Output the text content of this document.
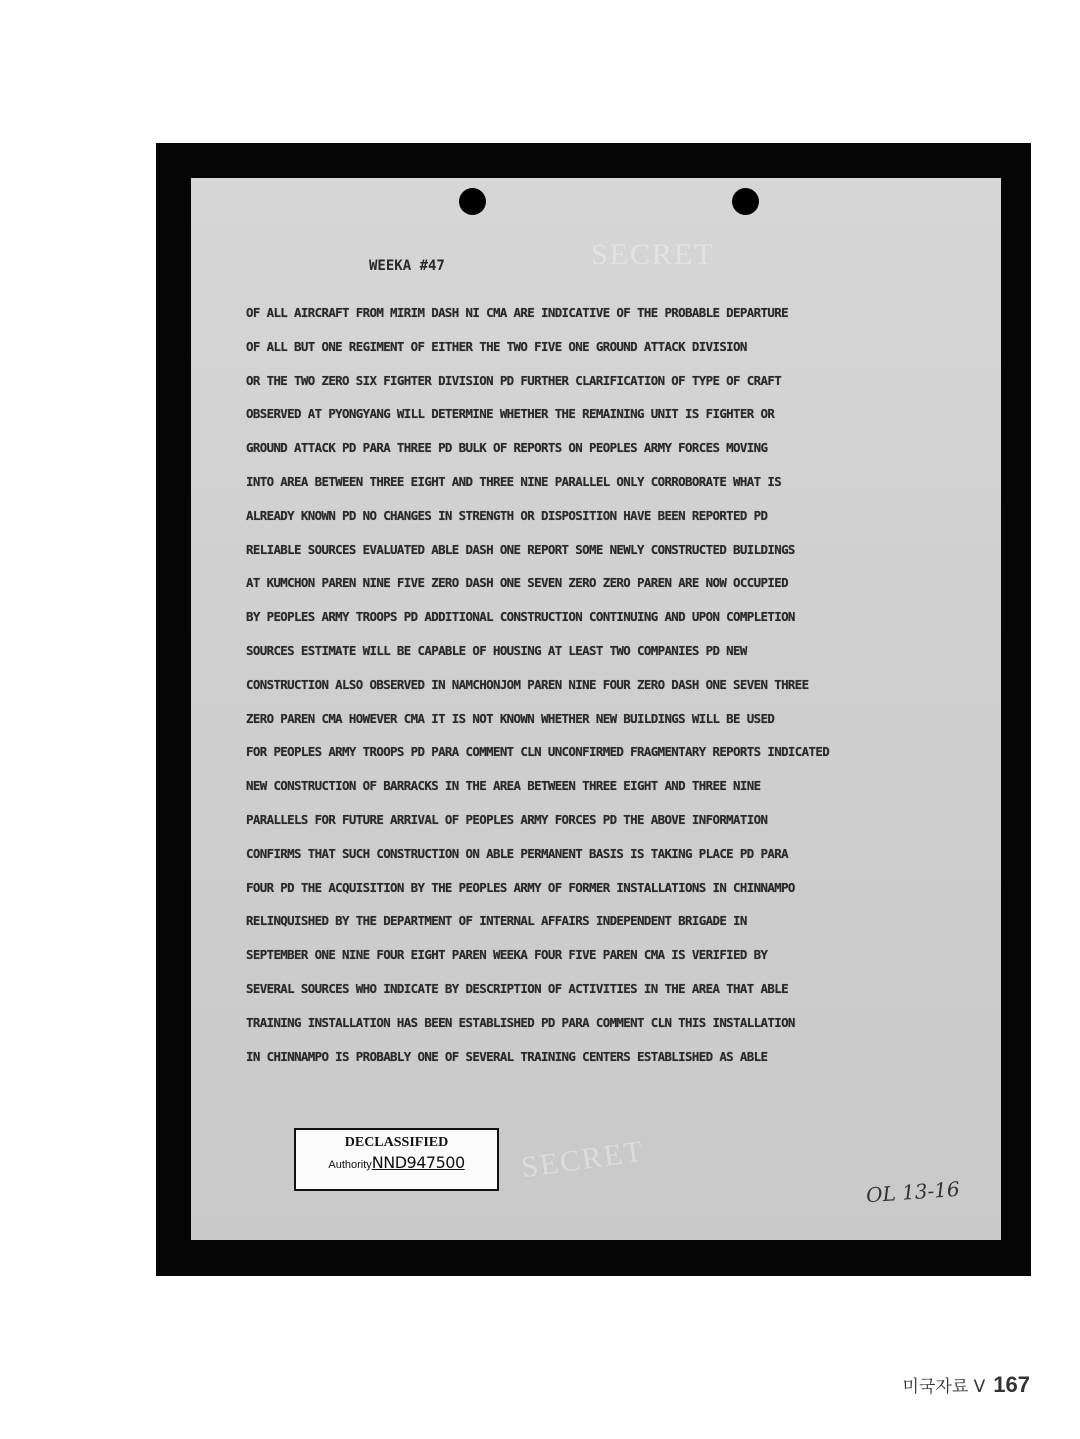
SECRET
WEEKA #47
OF ALL AIRCRAFT FROM MIRIM DASH NI CMA ARE INDICATIVE OF THE PROBABLE DEPARTURE
OF ALL BUT ONE REGIMENT OF EITHER THE TWO FIVE ONE GROUND ATTACK DIVISION
OR THE TWO ZERO SIX FIGHTER DIVISION PD FURTHER CLARIFICATION OF TYPE OF CRAFT
OBSERVED AT PYONGYANG WILL DETERMINE WHETHER THE REMAINING UNIT IS FIGHTER OR
GROUND ATTACK PD PARA THREE PD BULK OF REPORTS ON PEOPLES ARMY FORCES MOVING
INTO AREA BETWEEN THREE EIGHT AND THREE NINE PARALLEL ONLY CORROBORATE WHAT IS
ALREADY KNOWN PD NO CHANGES IN STRENGTH OR DISPOSITION HAVE BEEN REPORTED PD
RELIABLE SOURCES EVALUATED ABLE DASH ONE REPORT SOME NEWLY CONSTRUCTED BUILDINGS
AT KUMCHON PAREN NINE FIVE ZERO DASH ONE SEVEN ZERO ZERO PAREN ARE NOW OCCUPIED
BY PEOPLES ARMY TROOPS PD ADDITIONAL CONSTRUCTION CONTINUING AND UPON COMPLETION
SOURCES ESTIMATE WILL BE CAPABLE OF HOUSING AT LEAST TWO COMPANIES PD NEW
CONSTRUCTION ALSO OBSERVED IN NAMCHONJOM PAREN NINE FOUR ZERO DASH ONE SEVEN THREE
ZERO PAREN CMA HOWEVER CMA IT IS NOT KNOWN WHETHER NEW BUILDINGS WILL BE USED
FOR PEOPLES ARMY TROOPS PD PARA COMMENT CLN UNCONFIRMED FRAGMENTARY REPORTS INDICATED
NEW CONSTRUCTION OF BARRACKS IN THE AREA BETWEEN THREE EIGHT AND THREE NINE
PARALLELS FOR FUTURE ARRIVAL OF PEOPLES ARMY FORCES PD THE ABOVE INFORMATION
CONFIRMS THAT SUCH CONSTRUCTION ON ABLE PERMANENT BASIS IS TAKING PLACE PD PARA
FOUR PD THE ACQUISITION BY THE PEOPLES ARMY OF FORMER INSTALLATIONS IN CHINNAMPO
RELINQUISHED BY THE DEPARTMENT OF INTERNAL AFFAIRS INDEPENDENT BRIGADE IN
SEPTEMBER ONE NINE FOUR EIGHT PAREN WEEKA FOUR FIVE PAREN CMA IS VERIFIED BY
SEVERAL SOURCES WHO INDICATE BY DESCRIPTION OF ACTIVITIES IN THE AREA THAT ABLE
TRAINING INSTALLATION HAS BEEN ESTABLISHED PD PARA COMMENT CLN THIS INSTALLATION
IN CHINNAMPO IS PROBABLY ONE OF SEVERAL TRAINING CENTERS ESTABLISHED AS ABLE
DECLASSIFIED
AuthorityNND947500	SECRET
OL 13-16
미국자료 V 167
